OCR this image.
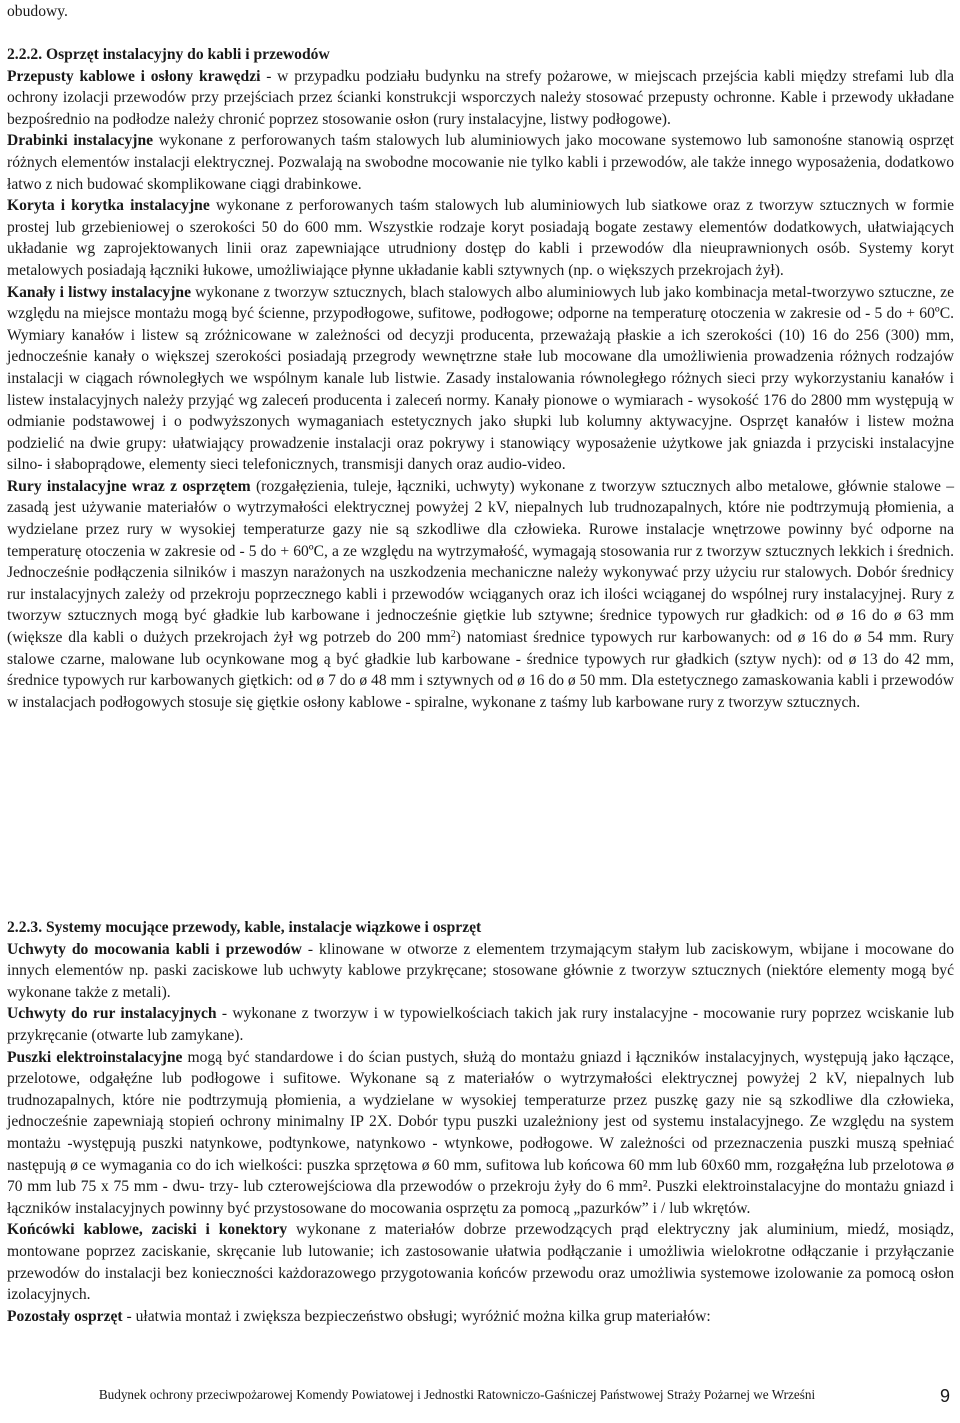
obudowy.

2.2.2. Osprzęt instalacyjny do kabli i przewodów

Przepusty kablowe i osłony krawędzi - w przypadku podziału budynku na strefy pożarowe, w miejscach przejścia kabli między strefami lub dla ochrony izolacji przewodów przy przejściach przez ścianki konstrukcji wsporczych należy stosować przepusty ochronne. Kable i przewody układane bezpośrednio na podłodze należy chronić poprzez stosowanie osłon (rury instalacyjne, listwy podłogowe).

Drabinki instalacyjne wykonane z perforowanych taśm stalowych lub aluminiowych jako mocowane systemowo lub samonośne stanowią osprzęt różnych elementów instalacji elektrycznej. Pozwalają na swobodne mocowanie nie tylko kabli i przewodów, ale także innego wyposażenia, dodatkowo łatwo z nich budować skomplikowane ciągi drabinkowe.

Koryta i korytka instalacyjne wykonane z perforowanych taśm stalowych lub aluminiowych lub siatkowe oraz z tworzyw sztucznych w formie prostej lub grzebieniowej o szerokości 50 do 600 mm. Wszystkie rodzaje koryt posiadają bogate zestawy elementów dodatkowych, ułatwiających układanie wg zaprojektowanych linii oraz zapewniające utrudniony dostęp do kabli i przewodów dla nieuprawnionych osób. Systemy koryt metalowych posiadają łączniki łukowe, umożliwiające płynne układanie kabli sztywnych (np. o większych przekrojach żył).

Kanały i listwy instalacyjne wykonane z tworzyw sztucznych, blach stalowych albo aluminiowych lub jako kombinacja metal-tworzywo sztuczne, ze względu na miejsce montażu mogą być ścienne, przypodłogowe, sufitowe, podłogowe; odporne na temperaturę otoczenia w zakresie od - 5 do + 60ºC. Wymiary kanałów i listew są zróżnicowane w zależności od decyzji producenta, przeważają płaskie a ich szerokości (10) 16 do 256 (300) mm, jednocześnie kanały o większej szerokości posiadają przegrody wewnętrzne stałe lub mocowane dla umożliwienia prowadzenia różnych rodzajów instalacji w ciągach równoległych we wspólnym kanale lub listwie. Zasady instalowania równoległego różnych sieci przy wykorzystaniu kanałów i listew instalacyjnych należy przyjąć wg zaleceń producenta i zaleceń normy. Kanały pionowe o wymiarach - wysokość 176 do 2800 mm występują w odmianie podstawowej i o podwyższonych wymaganiach estetycznych jako słupki lub kolumny aktywacyjne. Osprzęt kanałów i listew można podzielić na dwie grupy: ułatwiający prowadzenie instalacji oraz pokrywy i stanowiący wyposażenie użytkowe jak gniazda i przyciski instalacyjne silno- i słaboprądowe, elementy sieci telefonicznych, transmisji danych oraz audio-video.

Rury instalacyjne wraz z osprzętem (rozgałęzienia, tuleje, łączniki, uchwyty) wykonane z tworzyw sztucznych albo metalowe, głównie stalowe – zasadą jest używanie materiałów o wytrzymałości elektrycznej powyżej 2 kV, niepalnych lub trudnozapalnych, które nie podtrzymują płomienia, a wydzielane przez rury w wysokiej temperaturze gazy nie są szkodliwe dla człowieka. Rurowe instalacje wnętrzowe powinny być odporne na temperaturę otoczenia w zakresie od - 5 do + 60ºC, a ze względu na wytrzymałość, wymagają stosowania rur z tworzyw sztucznych lekkich i średnich. Jednocześnie podłączenia silników i maszyn narażonych na uszkodzenia mechaniczne należy wykonywać przy użyciu rur stalowych. Dobór średnicy rur instalacyjnych zależy od przekroju poprzecznego kabli i przewodów wciąganych oraz ich ilości wciąganej do wspólnej rury instalacyjnej. Rury z tworzyw sztucznych mogą być gładkie lub karbowane i jednocześnie giętkie lub sztywne; średnice typowych rur gładkich: od ø 16 do ø 63 mm (większe dla kabli o dużych przekrojach żył wg potrzeb do 200 $mm^2$) natomiast średnice typowych rur karbowanych: od ø 16 do ø 54 mm. Rury stalowe czarne, malowane lub ocynkowane mog ą być gładkie lub karbowane - średnice typowych rur gładkich (sztyw nych): od ø 13 do 42 mm, średnice typowych rur karbowanych giętkich: od ø 7 do ø 48 mm i sztywnych od ø 16 do ø 50 mm. Dla estetycznego zamaskowania kabli i przewodów w instalacjach podłogowych stosuje się giętkie osłony kablowe - spiralne, wykonane z taśmy lub karbowane rury z tworzyw sztucznych.

2.2.3. Systemy mocujące przewody, kable, instalacje wiązkowe i osprzęt

Uchwyty do mocowania kabli i przewodów - klinowane w otworze z elementem trzymającym stałym lub zaciskowym, wbijane i mocowane do innych elementów np. paski zaciskowe lub uchwyty kablowe przykręcane; stosowane głównie z tworzyw sztucznych (niektóre elementy mogą być wykonane także z metali).

Uchwyty do rur instalacyjnych - wykonane z tworzyw i w typowielkościach takich jak rury instalacyjne - mocowanie rury poprzez wciskanie lub przykręcanie (otwarte lub zamykane).

Puszki elektroinstalacyjne mogą być standardowe i do ścian pustych, służą do montażu gniazd i łączników instalacyjnych, występują jako łączące, przelotowe, odgałęźne lub podłogowe i sufitowe. Wykonane są z materiałów o wytrzymałości elektrycznej powyżej 2 kV, niepalnych lub trudnozapalnych, które nie podtrzymują płomienia, a wydzielane w wysokiej temperaturze przez puszkę gazy nie są szkodliwe dla człowieka, jednocześnie zapewniają stopień ochrony minimalny IP 2X. Dobór typu puszki uzależniony jest od systemu instalacyjnego. Ze względu na system montażu -występują puszki natynkowe, podtynkowe, natynkowo - wtynkowe, podłogowe. W zależności od przeznaczenia puszki muszą spełniać następują ø ce wymagania co do ich wielkości: puszka sprzętowa ø 60 mm, sufitowa lub końcowa 60 mm lub 60x60 mm, rozgałęźna lub przelotowa ø 70 mm lub 75 x 75 mm - dwu- trzy- lub czterowejściowa dla przewodów o przekroju żyły do 6 mm². Puszki elektroinstalacyjne do montażu gniazd i łączników instalacyjnych powinny być przystosowane do mocowania osprzętu za pomocą „pazurków” i / lub wkrętów.

Końcówki kablowe, zaciski i konektory wykonane z materiałów dobrze przewodzących prąd elektryczny jak aluminium, miedź, mosiądz, montowane poprzez zaciskanie, skręcanie lub lutowanie; ich zastosowanie ułatwia podłączanie i umożliwia wielokrotne odłączanie i przyłączanie przewodów do instalacji bez konieczności każdorazowego przygotowania końców przewodu oraz umożliwia systemowe izolowanie za pomocą osłon izolacyjnych.

Pozostały osprzęt - ułatwia montaż i zwiększa bezpieczeństwo obsługi; wyróżnić można kilka grup materiałów:

Budynek ochrony przeciwpożarowej Komendy Powiatowej i Jednostki Ratowniczo-Gaśniczej Państwowej Straży Pożarnej we Wrześni	9
